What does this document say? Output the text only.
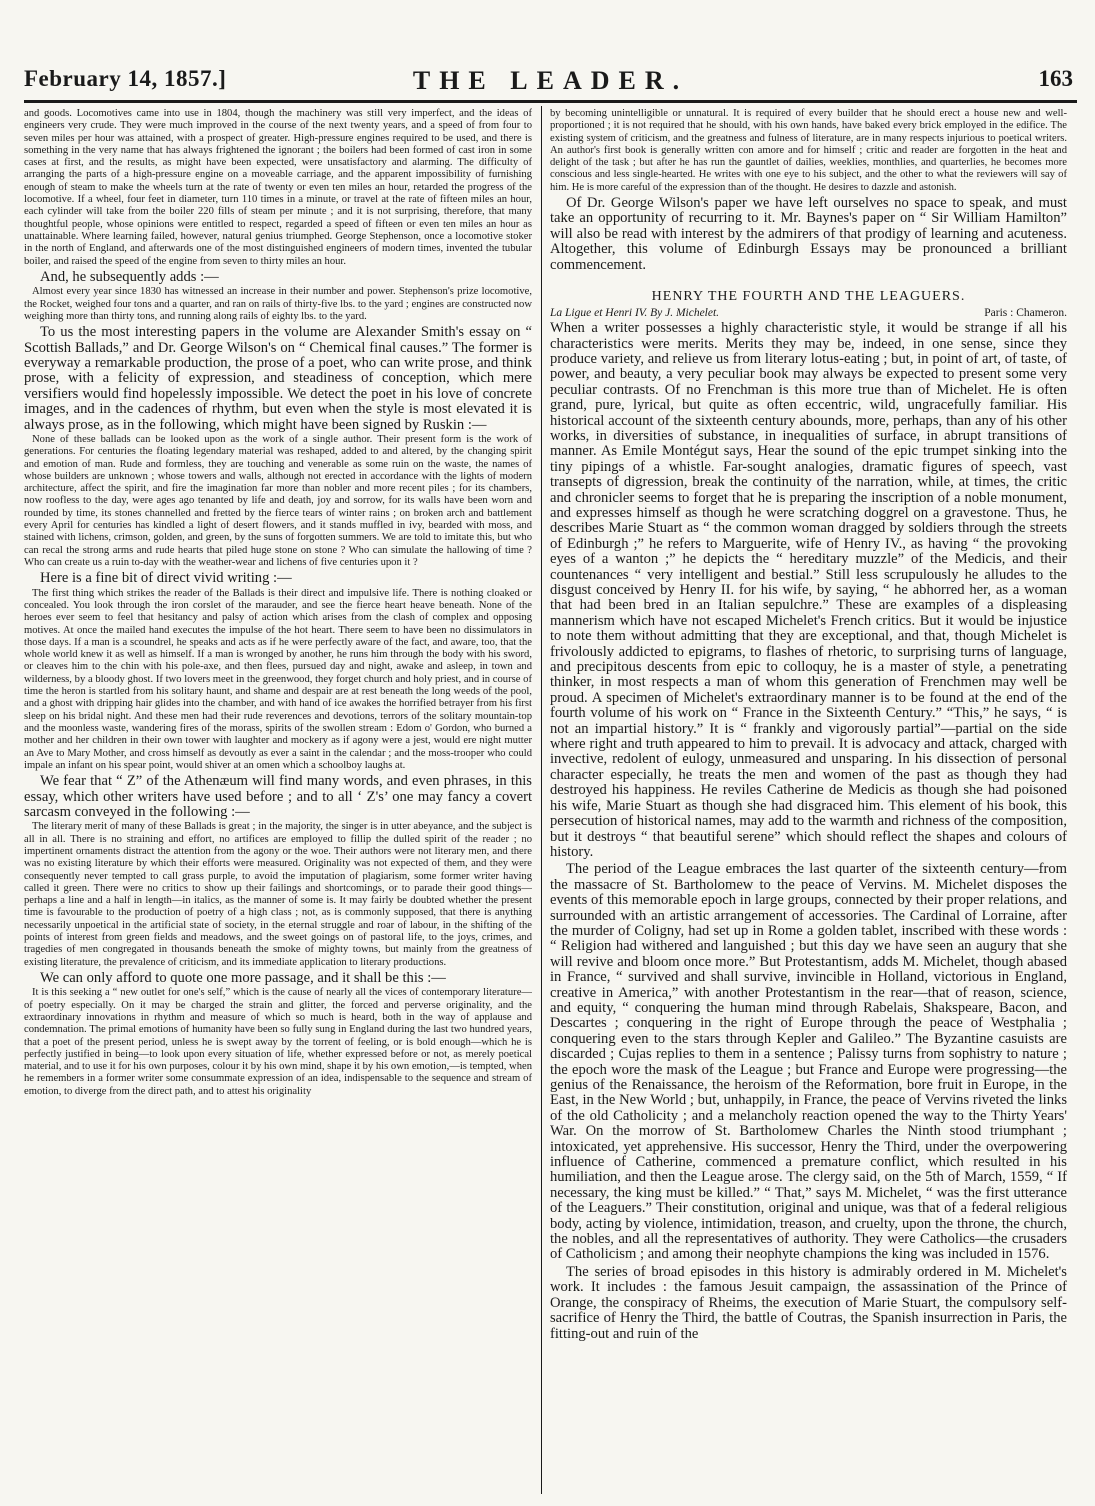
February 14, 1857.]	THE LEADER.	163

and goods. Locomotives came into use in 1804, though the machinery was still very imperfect, and the ideas of engineers very crude. They were much improved in the course of the next twenty years, and a speed of from four to seven miles per hour was attained, with a prospect of greater. High-pressure engines required to be used, and there is something in the very name that has always frightened the ignorant ; the boilers had been formed of cast iron in some cases at first, and the results, as might have been expected, were unsatisfactory and alarming. The difficulty of arranging the parts of a high-pressure engine on a moveable carriage, and the apparent impossibility of furnishing enough of steam to make the wheels turn at the rate of twenty or even ten miles an hour, retarded the progress of the locomotive. If a wheel, four feet in diameter, turn 110 times in a minute, or travel at the rate of fifteen miles an hour, each cylinder will take from the boiler 220 fills of steam per minute ; and it is not surprising, therefore, that many thoughtful people, whose opinions were entitled to respect, regarded a speed of fifteen or even ten miles an hour as unattainable. Where learning failed, however, natural genius triumphed. George Stephenson, once a locomotive stoker in the north of England, and afterwards one of the most distinguished engineers of modern times, invented the tubular boiler, and raised the speed of the engine from seven to thirty miles an hour.

And, he subsequently adds :—

Almost every year since 1830 has witnessed an increase in their number and power. Stephenson's prize locomotive, the Rocket, weighed four tons and a quarter, and ran on rails of thirty-five lbs. to the yard ; engines are constructed now weighing more than thirty tons, and running along rails of eighty lbs. to the yard.

To us the most interesting papers in the volume are Alexander Smith's essay on “ Scottish Ballads,” and Dr. George Wilson's on “ Chemical final causes.” The former is everyway a remarkable production, the prose of a poet, who can write prose, and think prose, with a felicity of expression, and steadiness of conception, which mere versifiers would find hopelessly impossible. We detect the poet in his love of concrete images, and in the cadences of rhythm, but even when the style is most elevated it is always prose, as in the following, which might have been signed by Ruskin :—

None of these ballads can be looked upon as the work of a single author. Their present form is the work of generations. For centuries the floating legendary material was reshaped, added to and altered, by the changing spirit and emotion of man. Rude and formless, they are touching and venerable as some ruin on the waste, the names of whose builders are unknown ; whose towers and walls, although not erected in accordance with the lights of modern architecture, affect the spirit, and fire the imagination far more than nobler and more recent piles ; for its chambers, now roofless to the day, were ages ago tenanted by life and death, joy and sorrow, for its walls have been worn and rounded by time, its stones channelled and fretted by the fierce tears of winter rains ; on broken arch and battlement every April for centuries has kindled a light of desert flowers, and it stands muffled in ivy, bearded with moss, and stained with lichens, crimson, golden, and green, by the suns of forgotten summers. We are told to imitate this, but who can recal the strong arms and rude hearts that piled huge stone on stone ? Who can simulate the hallowing of time ? Who can create us a ruin to-day with the weather-wear and lichens of five centuries upon it ?

Here is a fine bit of direct vivid writing :—

The first thing which strikes the reader of the Ballads is their direct and impulsive life. There is nothing cloaked or concealed. You look through the iron corslet of the marauder, and see the fierce heart heave beneath. None of the heroes ever seem to feel that hesitancy and palsy of action which arises from the clash of complex and opposing motives. At once the mailed hand executes the impulse of the hot heart. There seem to have been no dissimulators in those days. If a man is a scoundrel, he speaks and acts as if he were perfectly aware of the fact, and aware, too, that the whole world knew it as well as himself. If a man is wronged by another, he runs him through the body with his sword, or cleaves him to the chin with his pole-axe, and then flees, pursued day and night, awake and asleep, in town and wilderness, by a bloody ghost. If two lovers meet in the greenwood, they forget church and holy priest, and in course of time the heron is startled from his solitary haunt, and shame and despair are at rest beneath the long weeds of the pool, and a ghost with dripping hair glides into the chamber, and with hand of ice awakes the horrified betrayer from his first sleep on his bridal night. And these men had their rude reverences and devotions, terrors of the solitary mountain-top and the moonless waste, wandering fires of the morass, spirits of the swollen stream : Edom o' Gordon, who burned a mother and her children in their own tower with laughter and mockery as if agony were a jest, would ere night mutter an Ave to Mary Mother, and cross himself as devoutly as ever a saint in the calendar ; and the moss-trooper who could impale an infant on his spear point, would shiver at an omen which a schoolboy laughs at.

We fear that “ Z” of the Athenæum will find many words, and even phrases, in this essay, which other writers have used before ; and to all ‘ Z's’ one may fancy a covert sarcasm conveyed in the following :—

The literary merit of many of these Ballads is great ; in the majority, the singer is in utter abeyance, and the subject is all in all. There is no straining and effort, no artifices are employed to fillip the dulled spirit of the reader ; no impertinent ornaments distract the attention from the agony or the woe. Their authors were not literary men, and there was no existing literature by which their efforts were measured. Originality was not expected of them, and they were consequently never tempted to call grass purple, to avoid the imputation of plagiarism, some former writer having called it green. There were no critics to show up their failings and shortcomings, or to parade their good things—perhaps a line and a half in length—in italics, as the manner of some is. It may fairly be doubted whether the present time is favourable to the production of poetry of a high class ; not, as is commonly supposed, that there is anything necessarily unpoetical in the artificial state of society, in the eternal struggle and roar of labour, in the shifting of the points of interest from green fields and meadows, and the sweet goings on of pastoral life, to the joys, crimes, and tragedies of men congregated in thousands beneath the smoke of mighty towns, but mainly from the greatness of existing literature, the prevalence of criticism, and its immediate application to literary productions.

We can only afford to quote one more passage, and it shall be this :—

It is this seeking a “ new outlet for one's self,” which is the cause of nearly all the vices of contemporary literature—of poetry especially. On it may be charged the strain and glitter, the forced and perverse originality, and the extraordinary innovations in rhythm and measure of which so much is heard, both in the way of applause and condemnation. The primal emotions of humanity have been so fully sung in England during the last two hundred years, that a poet of the present period, unless he is swept away by the torrent of feeling, or is bold enough—which he is perfectly justified in being—to look upon every situation of life, whether expressed before or not, as merely poetical material, and to use it for his own purposes, colour it by his own mind, shape it by his own emotion,—is tempted, when he remembers in a former writer some consummate expression of an idea, indispensable to the sequence and stream of emotion, to diverge from the direct path, and to attest his originality

by becoming unintelligible or unnatural. It is required of every builder that he should erect a house new and well-proportioned ; it is not required that he should, with his own hands, have baked every brick employed in the edifice. The existing system of criticism, and the greatness and fulness of literature, are in many respects injurious to poetical writers. An author's first book is generally written con amore and for himself ; critic and reader are forgotten in the heat and delight of the task ; but after he has run the gauntlet of dailies, weeklies, monthlies, and quarterlies, he becomes more conscious and less single-hearted. He writes with one eye to his subject, and the other to what the reviewers will say of him. He is more careful of the expression than of the thought. He desires to dazzle and astonish.

Of Dr. George Wilson's paper we have left ourselves no space to speak, and must take an opportunity of recurring to it. Mr. Baynes's paper on “ Sir William Hamilton” will also be read with interest by the admirers of that prodigy of learning and acuteness. Altogether, this volume of Edinburgh Essays may be pronounced a brilliant commencement.

HENRY THE FOURTH AND THE LEAGUERS.
La Ligue et Henri IV. By J. Michelet.	Paris : Chameron.

When a writer possesses a highly characteristic style, it would be strange if all his characteristics were merits. Merits they may be, indeed, in one sense, since they produce variety, and relieve us from literary lotus-eating ; but, in point of art, of taste, of power, and beauty, a very peculiar book may always be expected to present some very peculiar contrasts. Of no Frenchman is this more true than of Michelet. He is often grand, pure, lyrical, but quite as often eccentric, wild, ungracefully familiar. His historical account of the sixteenth century abounds, more, perhaps, than any of his other works, in diversities of substance, in inequalities of surface, in abrupt transitions of manner. As Emile Montégut says, Hear the sound of the epic trumpet sinking into the tiny pipings of a whistle. Far-sought analogies, dramatic figures of speech, vast transepts of digression, break the continuity of the narration, while, at times, the critic and chronicler seems to forget that he is preparing the inscription of a noble monument, and expresses himself as though he were scratching doggrel on a gravestone. Thus, he describes Marie Stuart as “ the common woman dragged by soldiers through the streets of Edinburgh ;” he refers to Marguerite, wife of Henry IV., as having “ the provoking eyes of a wanton ;” he depicts the “ hereditary muzzle” of the Medicis, and their countenances “ very intelligent and bestial.” Still less scrupulously he alludes to the disgust conceived by Henry II. for his wife, by saying, “ he abhorred her, as a woman that had been bred in an Italian sepulchre.” These are examples of a displeasing mannerism which have not escaped Michelet's French critics. But it would be injustice to note them without admitting that they are exceptional, and that, though Michelet is frivolously addicted to epigrams, to flashes of rhetoric, to surprising turns of language, and precipitous descents from epic to colloquy, he is a master of style, a penetrating thinker, in most respects a man of whom this generation of Frenchmen may well be proud. A specimen of Michelet's extraordinary manner is to be found at the end of the fourth volume of his work on “ France in the Sixteenth Century.” “This,” he says, “ is not an impartial history.” It is “ frankly and vigorously partial”—partial on the side where right and truth appeared to him to prevail. It is advocacy and attack, charged with invective, redolent of eulogy, unmeasured and unsparing. In his dissection of personal character especially, he treats the men and women of the past as though they had destroyed his happiness. He reviles Catherine de Medicis as though she had poisoned his wife, Marie Stuart as though she had disgraced him. This element of his book, this persecution of historical names, may add to the warmth and richness of the composition, but it destroys “ that beautiful serene” which should reflect the shapes and colours of history.

The period of the League embraces the last quarter of the sixteenth century—from the massacre of St. Bartholomew to the peace of Vervins. M. Michelet disposes the events of this memorable epoch in large groups, connected by their proper relations, and surrounded with an artistic arrangement of accessories. The Cardinal of Lorraine, after the murder of Coligny, had set up in Rome a golden tablet, inscribed with these words : “ Religion had withered and languished ; but this day we have seen an augury that she will revive and bloom once more.” But Protestantism, adds M. Michelet, though abased in France, “ survived and shall survive, invincible in Holland, victorious in England, creative in America,” with another Protestantism in the rear—that of reason, science, and equity, “ conquering the human mind through Rabelais, Shakspeare, Bacon, and Descartes ; conquering in the right of Europe through the peace of Westphalia ; conquering even to the stars through Kepler and Galileo.” The Byzantine casuists are discarded ; Cujas replies to them in a sentence ; Palissy turns from sophistry to nature ; the epoch wore the mask of the League ; but France and Europe were progressing—the genius of the Renaissance, the heroism of the Reformation, bore fruit in Europe, in the East, in the New World ; but, unhappily, in France, the peace of Vervins riveted the links of the old Catholicity ; and a melancholy reaction opened the way to the Thirty Years' War. On the morrow of St. Bartholomew Charles the Ninth stood triumphant ; intoxicated, yet apprehensive. His successor, Henry the Third, under the overpowering influence of Catherine, commenced a premature conflict, which resulted in his humiliation, and then the League arose. The clergy said, on the 5th of March, 1559, “ If necessary, the king must be killed.” “ That,” says M. Michelet, “ was the first utterance of the Leaguers.” Their constitution, original and unique, was that of a federal religious body, acting by violence, intimidation, treason, and cruelty, upon the throne, the church, the nobles, and all the representatives of authority. They were Catholics—the crusaders of Catholicism ; and among their neophyte champions the king was included in 1576.

The series of broad episodes in this history is admirably ordered in M. Michelet's work. It includes : the famous Jesuit campaign, the assassination of the Prince of Orange, the conspiracy of Rheims, the execution of Marie Stuart, the compulsory self-sacrifice of Henry the Third, the battle of Coutras, the Spanish insurrection in Paris, the fitting-out and ruin of the
